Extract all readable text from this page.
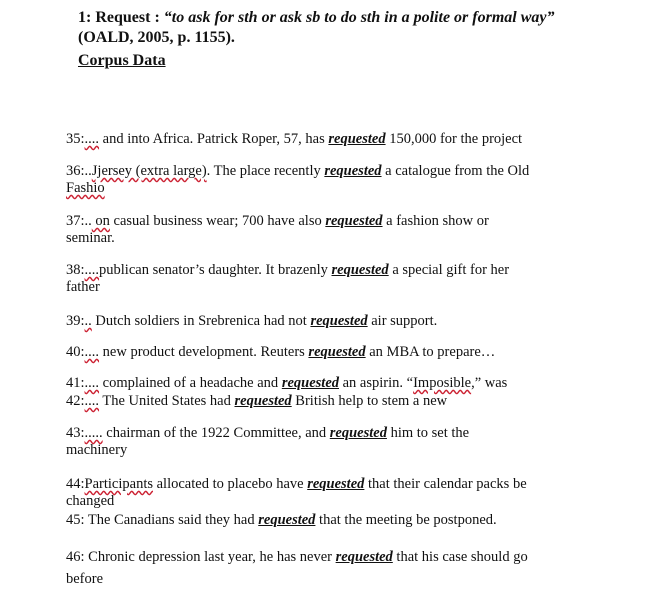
1: Request : “to ask for sth or ask sb to do sth in a polite or formal way”
(OALD, 2005, p. 1155).
Corpus Data
35:.... and into Africa. Patrick Roper, 57, has requested 150,000 for the project
36:..Jjersey (extra large). The place recently requested a catalogue from the Old
Fashio
37:.. on casual business wear; 700 have also requested a fashion show or
seminar.
38:....publican senator’s daughter. It brazenly requested a special gift for her
father
39:.. Dutch soldiers in Srebrenica had not requested air support.
40:.... new product development. Reuters requested an MBA to prepare…
41:.... complained of a headache and requested an aspirin. “Imposible,” was
42:.... The United States had requested British help to stem a new
43:..... chairman of the 1922 Committee, and requested him to set the
machinery
44:Participants allocated to placebo have requested that their calendar packs be
changed
45: The Canadians said they had requested that the meeting be postponed.
46: Chronic depression last year, he has never requested that his case should go
before
